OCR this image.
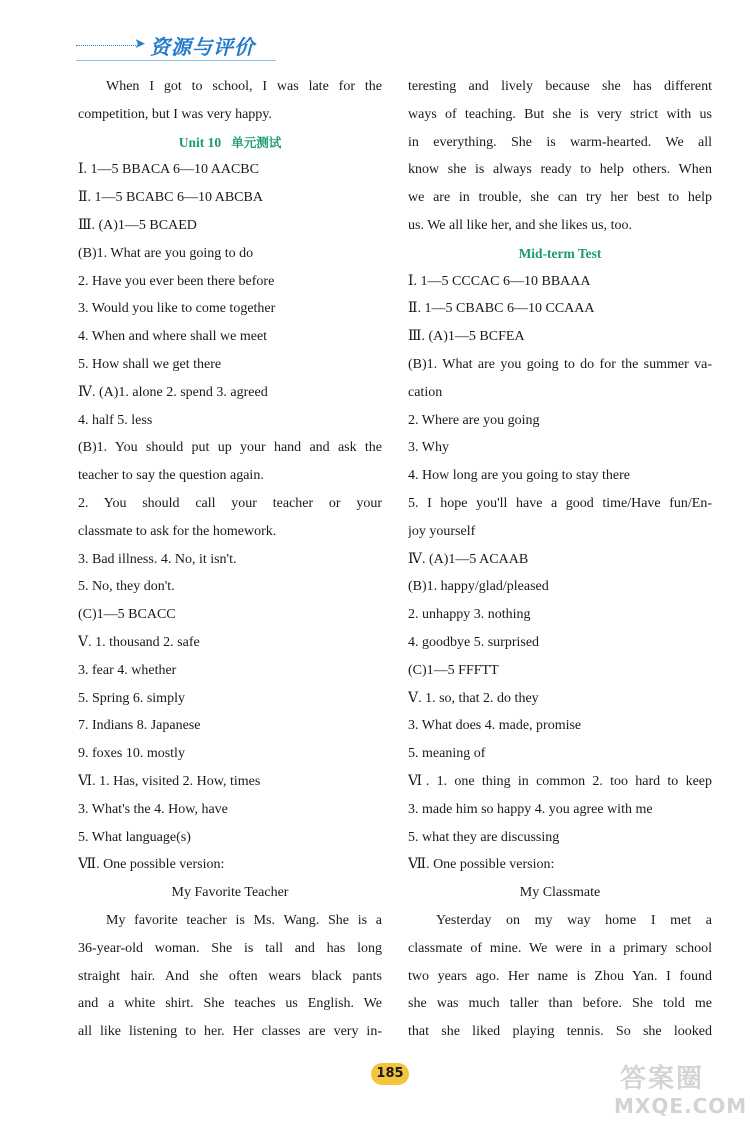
➤ 资源与评价

When I got to school, I was late for the

competition, but I was very happy.

Unit 10 单元测试

Ⅰ. 1—5 BBACA 6—10 AACBC

Ⅱ. 1—5 BCABC 6—10 ABCBA

Ⅲ. (A)1—5 BCAED

(B)1. What are you going to do

2. Have you ever been there before

3. Would you like to come together

4. When and where shall we meet

5. How shall we get there

Ⅳ. (A)1. alone 2. spend 3. agreed

4. half 5. less

(B)1. You should put up your hand and ask the

teacher to say the question again.

2. You should call your teacher or your

classmate to ask for the homework.

3. Bad illness. 4. No, it isn't.

5. No, they don't.

(C)1—5 BCACC

Ⅴ. 1. thousand 2. safe

3. fear 4. whether

5. Spring 6. simply

7. Indians 8. Japanese

9. foxes 10. mostly

Ⅵ. 1. Has, visited 2. How, times

3. What's the 4. How, have

5. What language(s)

Ⅶ. One possible version:

My Favorite Teacher

My favorite teacher is Ms. Wang. She is a

36-year-old woman. She is tall and has long

straight hair. And she often wears black pants

and a white shirt. She teaches us English. We

all like listening to her. Her classes are very in-

teresting and lively because she has different

ways of teaching. But she is very strict with us

in everything. She is warm-hearted. We all

know she is always ready to help others. When

we are in trouble, she can try her best to help

us. We all like her, and she likes us, too.

Mid-term Test

Ⅰ. 1—5 CCCAC 6—10 BBAAA

Ⅱ. 1—5 CBABC 6—10 CCAAA

Ⅲ. (A)1—5 BCFEA

(B)1. What are you going to do for the summer va-

cation

2. Where are you going

3. Why

4. How long are you going to stay there

5. I hope you'll have a good time/Have fun/En-

joy yourself

Ⅳ. (A)1—5 ACAAB

(B)1. happy/glad/pleased

2. unhappy 3. nothing

4. goodbye 5. surprised

(C)1—5 FFFTT

Ⅴ. 1. so, that 2. do they

3. What does 4. made, promise

5. meaning of

Ⅵ. 1. one thing in common 2. too hard to keep

3. made him so happy 4. you agree with me

5. what they are discussing

Ⅶ. One possible version:

My Classmate

Yesterday on my way home I met a

classmate of mine. We were in a primary school

two years ago. Her name is Zhou Yan. I found

she was much taller than before. She told me

that she liked playing tennis. So she looked

185	答案圈
MXQE.COM
